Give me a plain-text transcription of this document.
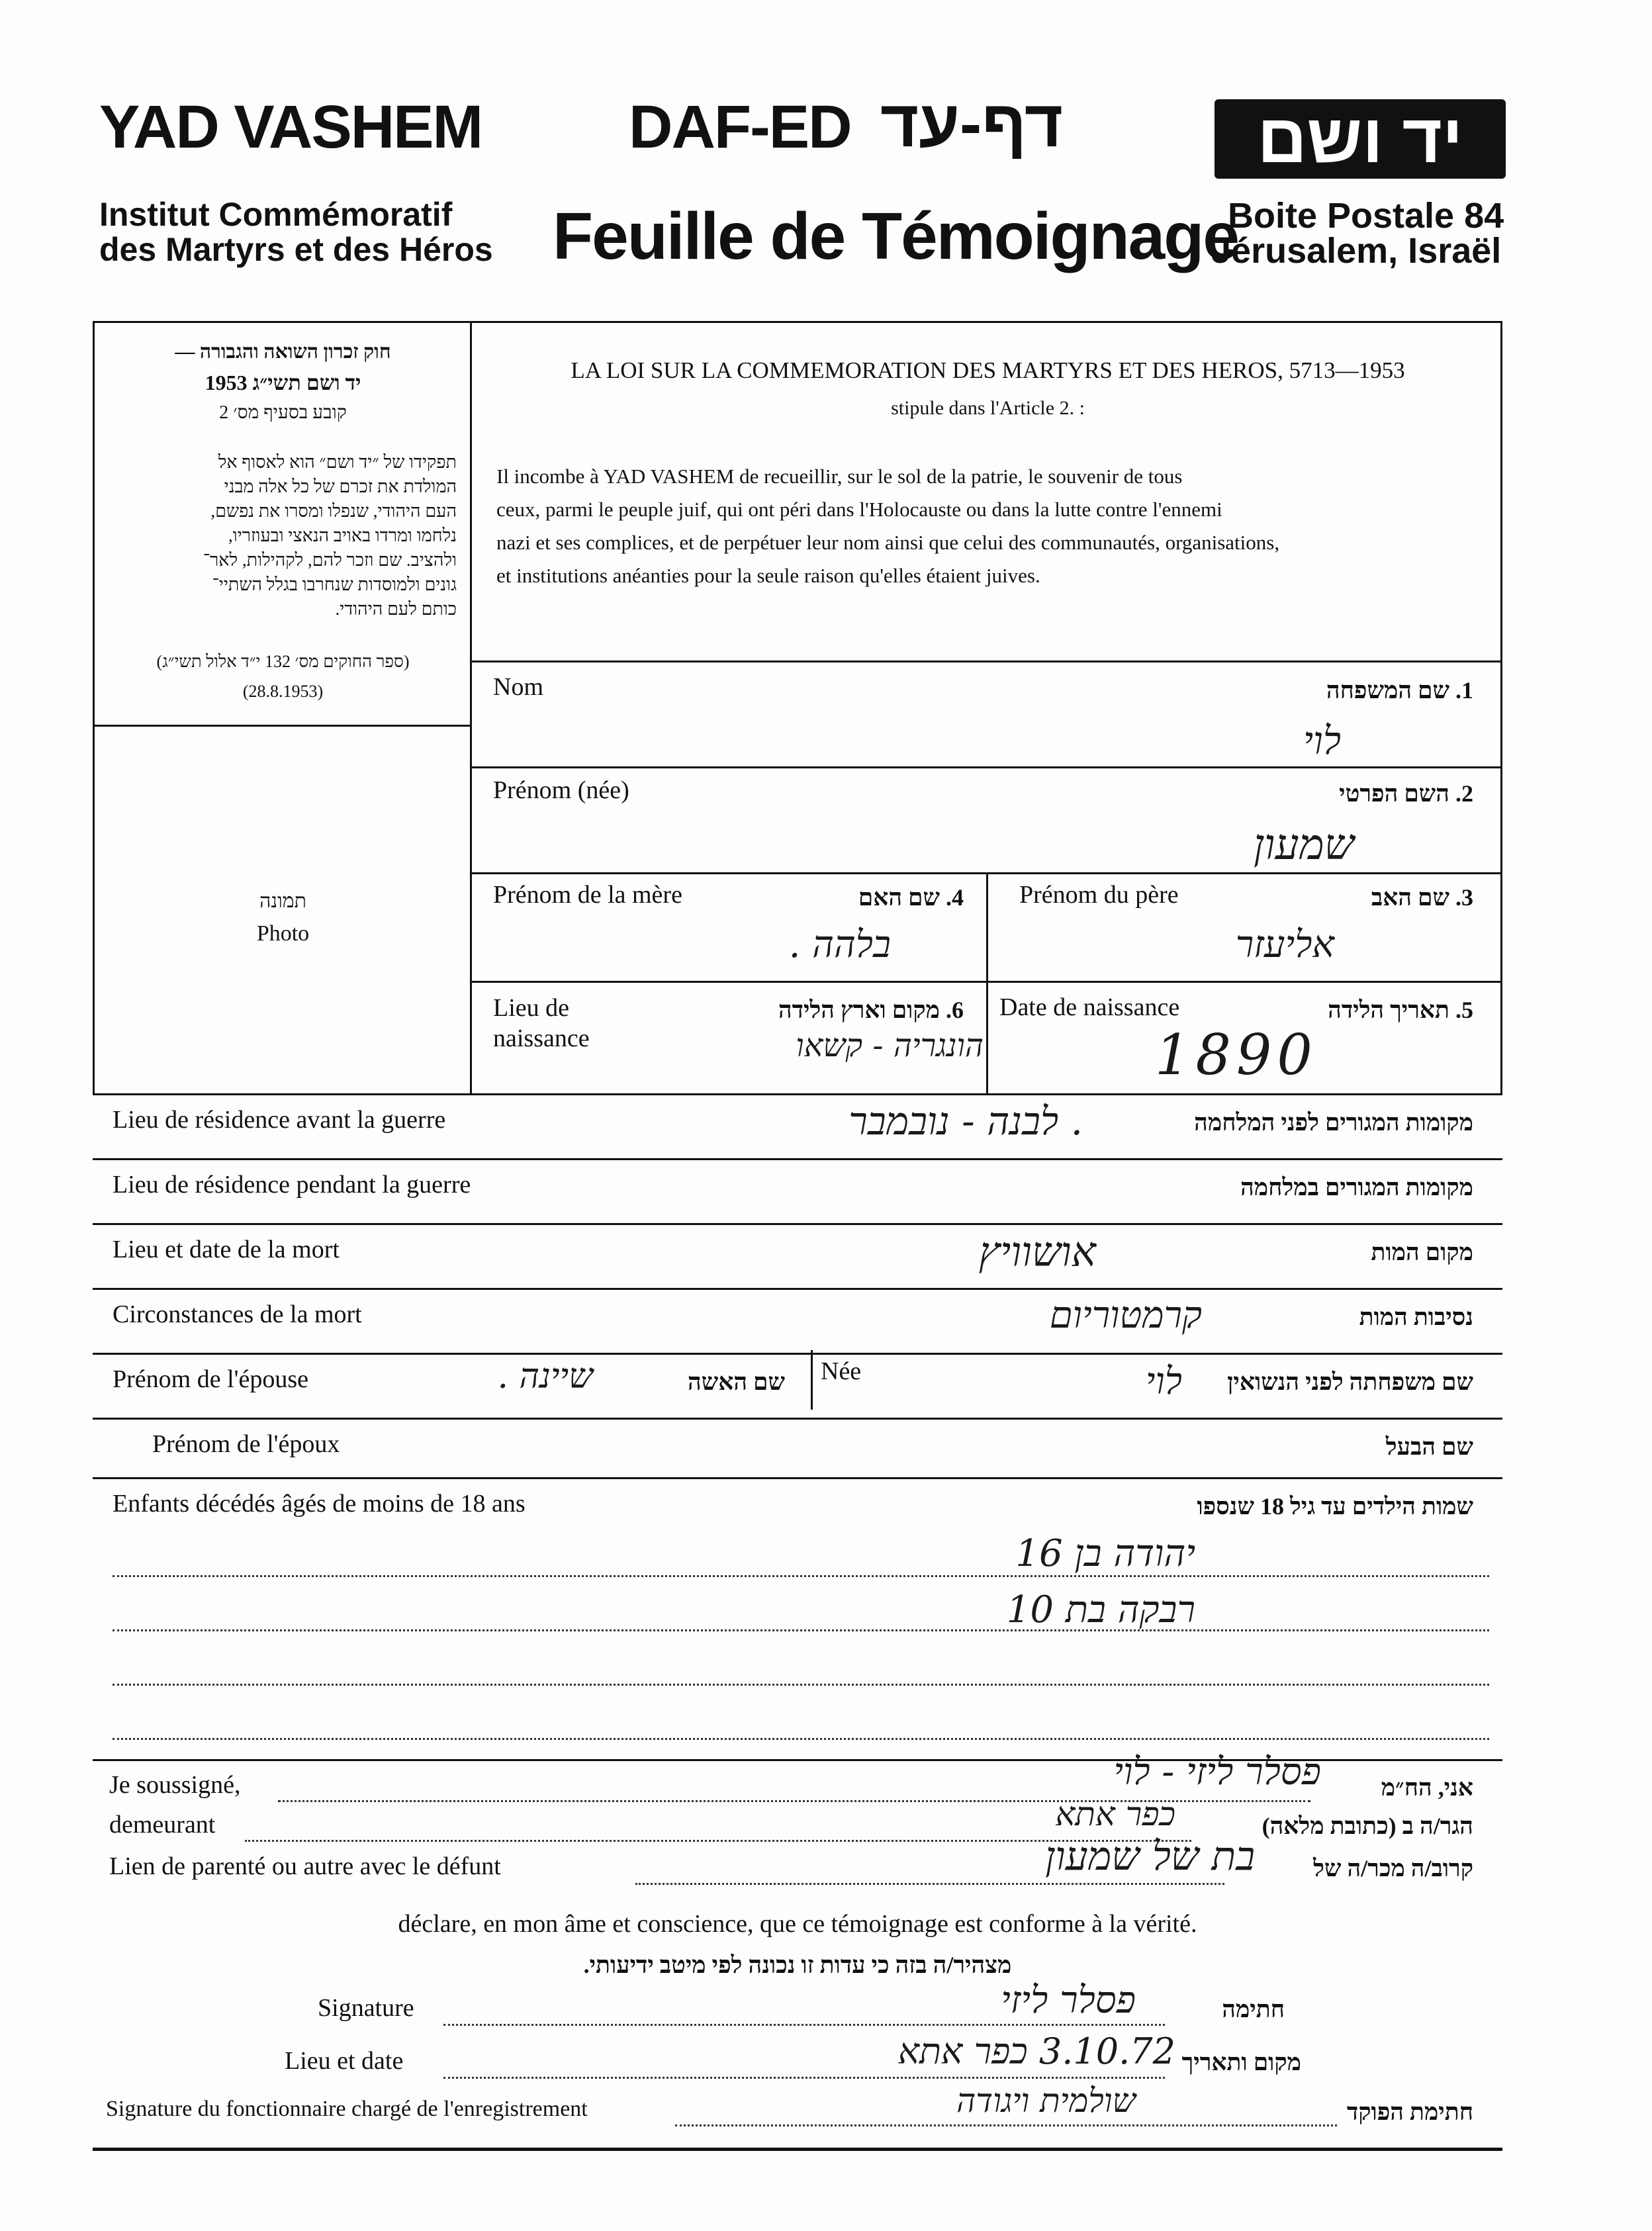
YAD VASHEM DAF-ED דף-עד	יד ושם
Institut Commémoratif
des Martyrs et des Héros Feuille de Témoignage
Boite Postale 84
Jérusalem, Israël
חוק זכרון השואה והגבורה —
יד ושם תשי״ג 1953
קובע בסעיף מס׳ 2
תפקידו של ״יד ושם״ הוא לאסוף אל
המולדת את זכרם של כל אלה מבני
העם היהודי, שנפלו ומסרו את נפשם,
נלחמו ומרדו באויב הנאצי ובעוזריו,
ולהציב. שם וזכר להם, לקהילות, לאר־
גונים ולמוסדות שנחרבו בגלל השתיי־
כותם לעם היהודי.
(ספר החוקים מס׳ 132 י״ד אלול תשי״ג)
(28.8.1953)
תמונה
Photo
LA LOI SUR LA COMMEMORATION DES MARTYRS ET DES HEROS, 5713—1953
stipule dans l'Article 2. :
Il incombe à YAD VASHEM de recueillir, sur le sol de la patrie, le souvenir de tous
ceux, parmi le peuple juif, qui ont péri dans l'Holocauste ou dans la lutte contre l'ennemi
nazi et ses complices, et de perpétuer leur nom ainsi que celui des communautés, organisations,
et institutions anéanties pour la seule raison qu'elles étaient juives.
Nom	1. שם המשפחה
לוי
Prénom (née)	2. השם הפרטי
שמעון
Prénom de la mère	4. שם האם
בלהה .
Prénom du père	3. שם האב
אליעזר
Lieu de
naissance
6. מקום וארץ הלידה
הונגריה - קשאו
Date de naissance	5. תאריך הלידה
1890
Lieu de résidence avant la guerre	מקומות המגורים לפני המלחמה
. לבנה - נובמבר
Lieu de résidence pendant la guerre	מקומות המגורים במלחמה
Lieu et date de la mort	מקום המות
אושוויץ
Circonstances de la mort	נסיבות המות
קרמטוריום
Prénom de l'épouse	שיינה .	שם האשה Née	לוי שם משפחתה לפני הנשואין
Prénom de l'époux	שם הבעל
Enfants décédés âgés de moins de 18 ans	שמות הילדים עד גיל 18 שנספו
יהודה בן 16
רבקה בת 10
Je soussigné,	פסלר ליזי - לוי	אני, הח״מ
demeurant	כפר אתא	הגר/ה ב (כתובת מלאה)
Lien de parenté ou autre avec le défunt	בת של שמעון קרוב/ה מכר/ה של
déclare, en mon âme et conscience, que ce témoignage est conforme à la vérité.
מצהיר/ה בזה כי עדות זו נכונה לפי מיטב ידיעותי.
Signature	פסלר ליזי	חתימה
Lieu et date	3.10.72 כפר אתא מקום ותאריך
Signature du fonctionnaire chargé de l'enregistrement	שולמית ויגודה	חתימת הפוקד
